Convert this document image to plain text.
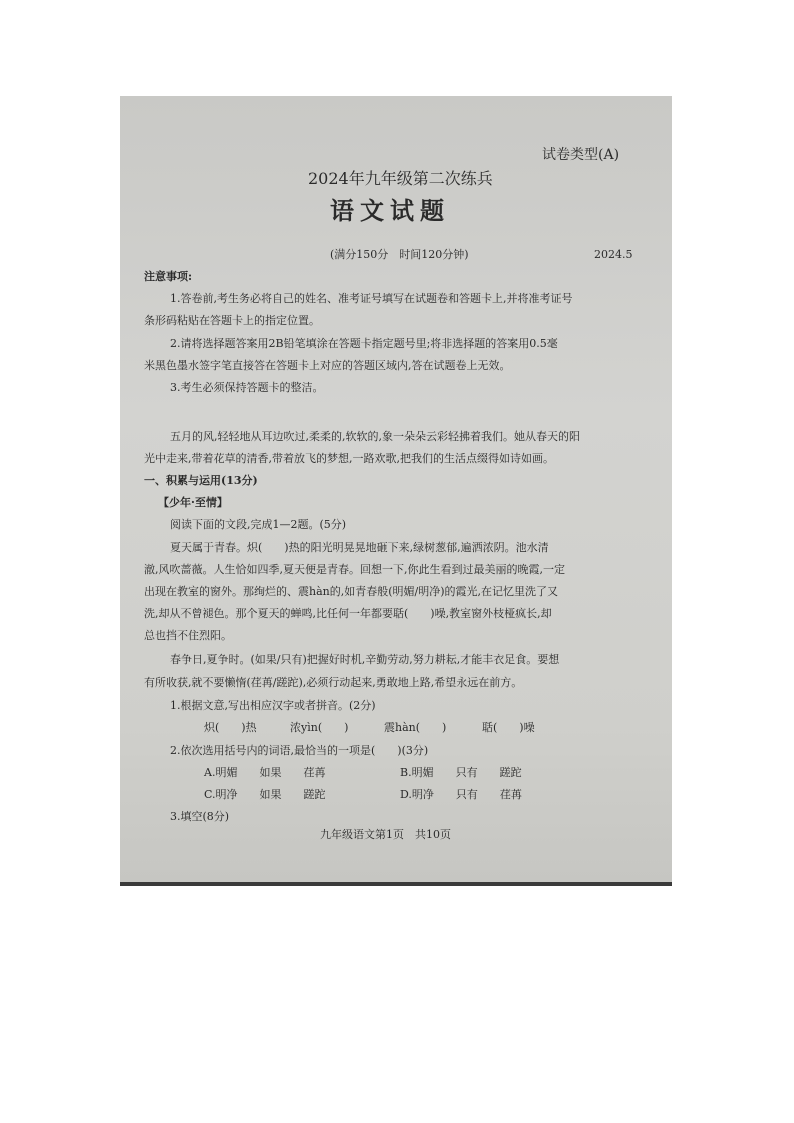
试卷类型(A)
2024年九年级第二次练兵
语文试题
(满分150分　时间120分钟)	2024.5
注意事项:
1.答卷前,考生务必将自己的姓名、准考证号填写在试题卷和答题卡上,并将准考证号
条形码粘贴在答题卡上的指定位置。
2.请将选择题答案用2B铅笔填涂在答题卡指定题号里;将非选择题的答案用0.5毫
米黑色墨水签字笔直接答在答题卡上对应的答题区域内,答在试题卷上无效。
3.考生必须保持答题卡的整洁。
五月的风,轻轻地从耳边吹过,柔柔的,软软的,象一朵朵云彩轻拂着我们。她从春天的阳
光中走来,带着花草的清香,带着放飞的梦想,一路欢歌,把我们的生活点缀得如诗如画。
一、积累与运用(13分)
【少年·至情】
阅读下面的文段,完成1—2题。(5分)
夏天属于青春。炽(　　)热的阳光明晃晃地砸下来,绿树葱郁,遍洒浓阴。池水清
澈,风吹蔷薇。人生恰如四季,夏天便是青春。回想一下,你此生看到过最美丽的晚霞,一定
出现在教室的窗外。那绚烂的、震hàn的,如青春般(明媚/明净)的霞光,在记忆里洗了又
洗,却从不曾褪色。那个夏天的蝉鸣,比任何一年都要聒(　　)噪,教室窗外枝桠疯长,却
总也挡不住烈阳。
春争日,夏争时。(如果/只有)把握好时机,辛勤劳动,努力耕耘,才能丰衣足食。要想
有所收获,就不要懒惰(荏苒/蹉跎),必须行动起来,勇敢地上路,希望永远在前方。
1.根据文意,写出相应汉字或者拼音。(2分)
炽(　　)热	浓yìn(　　)	震hàn(　　)	聒(　　)噪
2.依次选用括号内的词语,最恰当的一项是(　　)(3分)
A.明媚　　如果　　荏苒	B.明媚　　只有　　蹉跎
C.明净　　如果　　蹉跎	D.明净　　只有　　荏苒
3.填空(8分)
九年级语文第1页　共10页
